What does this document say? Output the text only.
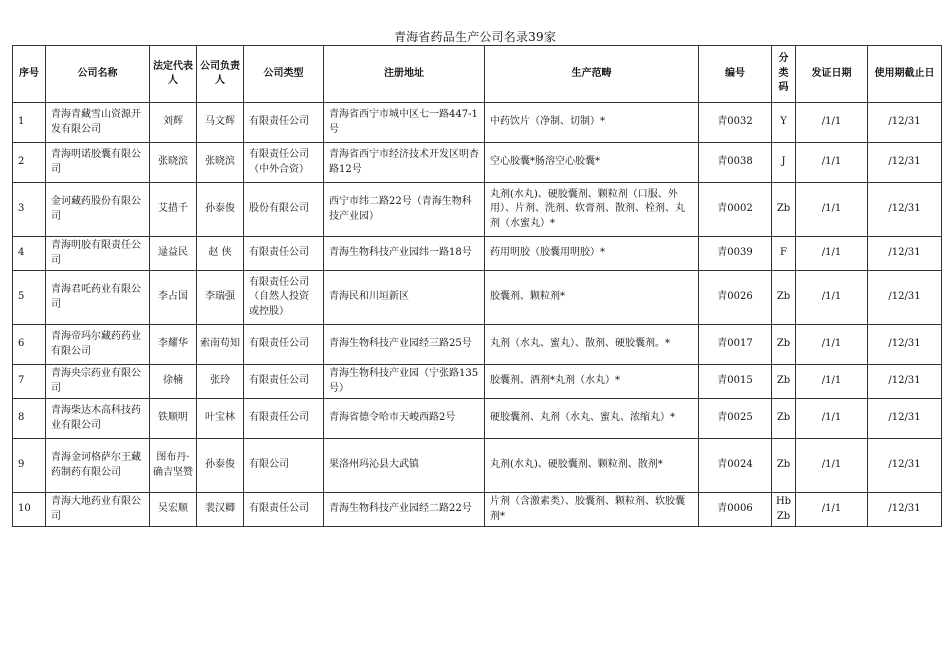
青海省药品生产公司名录39家
序号	公司名称	法定代表人	公司负责人	公司类型	注册地址	生产范畴	编号	分类码	发证日期	使用期截止日
1	青海青藏雪山资源开发有限公司	刘辉	马文辉	有限责任公司	青海省西宁市城中区七一路447-1号	中药饮片（净制、切制）*	青0032	Y	/1/1	/12/31
2	青海明诺胶囊有限公司	张晓滨	张晓滨	有限责任公司（中外合资）	青海省西宁市经济技术开发区明杏路12号	空心胶囊*肠溶空心胶囊*	青0038	J	/1/1	/12/31
3	金诃藏药股份有限公司	艾措千	孙泰俊	股份有限公司	西宁市纬二路22号（青海生物科技产业园）	丸剂(水丸)、硬胶囊剂、颗粒剂（口服、外用）、片剂、洗剂、软膏剂、散剂、栓剂、丸剂（水蜜丸）*	青0002	Zb	/1/1	/12/31
4	青海明胶有限责任公司	逯益民	赵 侠	有限责任公司	青海生物科技产业园纬一路18号	药用明胶（胶囊用明胶）*	青0039	F	/1/1	/12/31
5	青海君吒药业有限公司	李占国	李瑞强	有限责任公司（自然人投资或控股）	青海民和川垣新区	胶囊剂、颗粒剂*	青0026	Zb	/1/1	/12/31
6	青海帝玛尔藏药药业有限公司	李耀华	索南苟知	有限责任公司	青海生物科技产业园经三路25号	丸剂（水丸、蜜丸）、散剂、硬胶囊剂。*	青0017	Zb	/1/1	/12/31
7	青海央宗药业有限公司	徐楠	张玲	有限责任公司	青海生物科技产业园（宁张路135号）	胶囊剂、酒剂*丸剂（水丸）*	青0015	Zb	/1/1	/12/31
8	青海柴达木高科技药业有限公司	铁顺明	叶宝林	有限责任公司	青海省德令哈市天峻西路2号	硬胶囊剂、丸剂（水丸、蜜丸、浓缩丸）*	青0025	Zb	/1/1	/12/31
9	青海金诃格萨尔王藏药制药有限公司	图布丹·确吉坚赞	孙泰俊	有限公司	果洛州玛沁县大武镇	丸剂(水丸)、硬胶囊剂、颗粒剂、散剂*	青0024	Zb	/1/1	/12/31
10	青海大地药业有限公司	吴宏顺	裴汉卿	有限责任公司	青海生物科技产业园经二路22号	片剂（含激素类）、胶囊剂、颗粒剂、软胶囊剂*	青0006	Hb Zb	/1/1	/12/31
